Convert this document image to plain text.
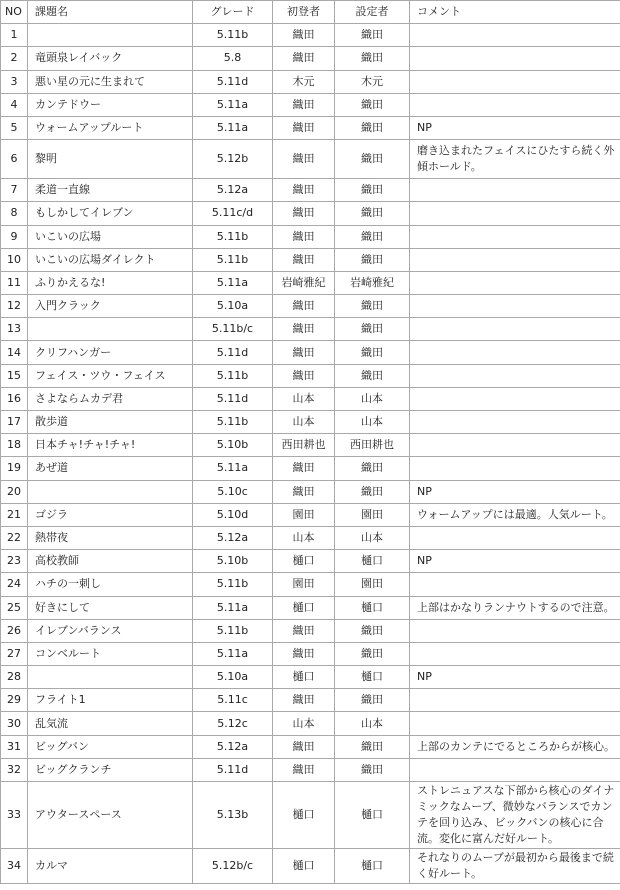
NO	課題名	グレード	初登者	設定者	コメント
1		5.11b	織田	織田	
2	竜頭泉レイバック	5.8	織田	織田	
3	悪い星の元に生まれて	5.11d	木元	木元	
4	カンテドウー	5.11a	織田	織田	
5	ウォームアップルート	5.11a	織田	織田	NP
6	黎明	5.12b	織田	織田	磨き込まれたフェイスにひたすら続く外傾ホールド。
7	柔道一直線	5.12a	織田	織田	
8	もしかしてイレブン	5.11c/d	織田	織田	
9	いこいの広場	5.11b	織田	織田	
10	いこいの広場ダイレクト	5.11b	織田	織田	
11	ふりかえるな!	5.11a	岩崎雅紀	岩崎雅紀	
12	入門クラック	5.10a	織田	織田	
13		5.11b/c	織田	織田	
14	クリフハンガー	5.11d	織田	織田	
15	フェイス・ツウ・フェイス	5.11b	織田	織田	
16	さよならムカデ君	5.11d	山本	山本	
17	散歩道	5.11b	山本	山本	
18	日本チャ!チャ!チャ!	5.10b	西田耕也	西田耕也	
19	あぜ道	5.11a	織田	織田	
20		5.10c	織田	織田	NP
21	ゴジラ	5.10d	園田	園田	ウォームアップには最適。人気ルート。
22	熱帯夜	5.12a	山本	山本	
23	高校教師	5.10b	樋口	樋口	NP
24	ハチの一刺し	5.11b	園田	園田	
25	好きにして	5.11a	樋口	樋口	上部はかなりランナウトするので注意。
26	イレブンバランス	5.11b	織田	織田	
27	コンベルート	5.11a	織田	織田	
28		5.10a	樋口	樋口	NP
29	フライト1	5.11c	織田	織田	
30	乱気流	5.12c	山本	山本	
31	ビッグバン	5.12a	織田	織田	上部のカンテにでるところからが核心。
32	ビッグクランチ	5.11d	織田	織田	
33	アウタースペース	5.13b	樋口	樋口	ストレニュアスな下部から核心のダイナミックなムーブ、微妙なバランスでカンテを回り込み、ビックバンの核心に合流。変化に富んだ好ルート。
34	カルマ	5.12b/c	樋口	樋口	それなりのムーブが最初から最後まで続く好ルート。
